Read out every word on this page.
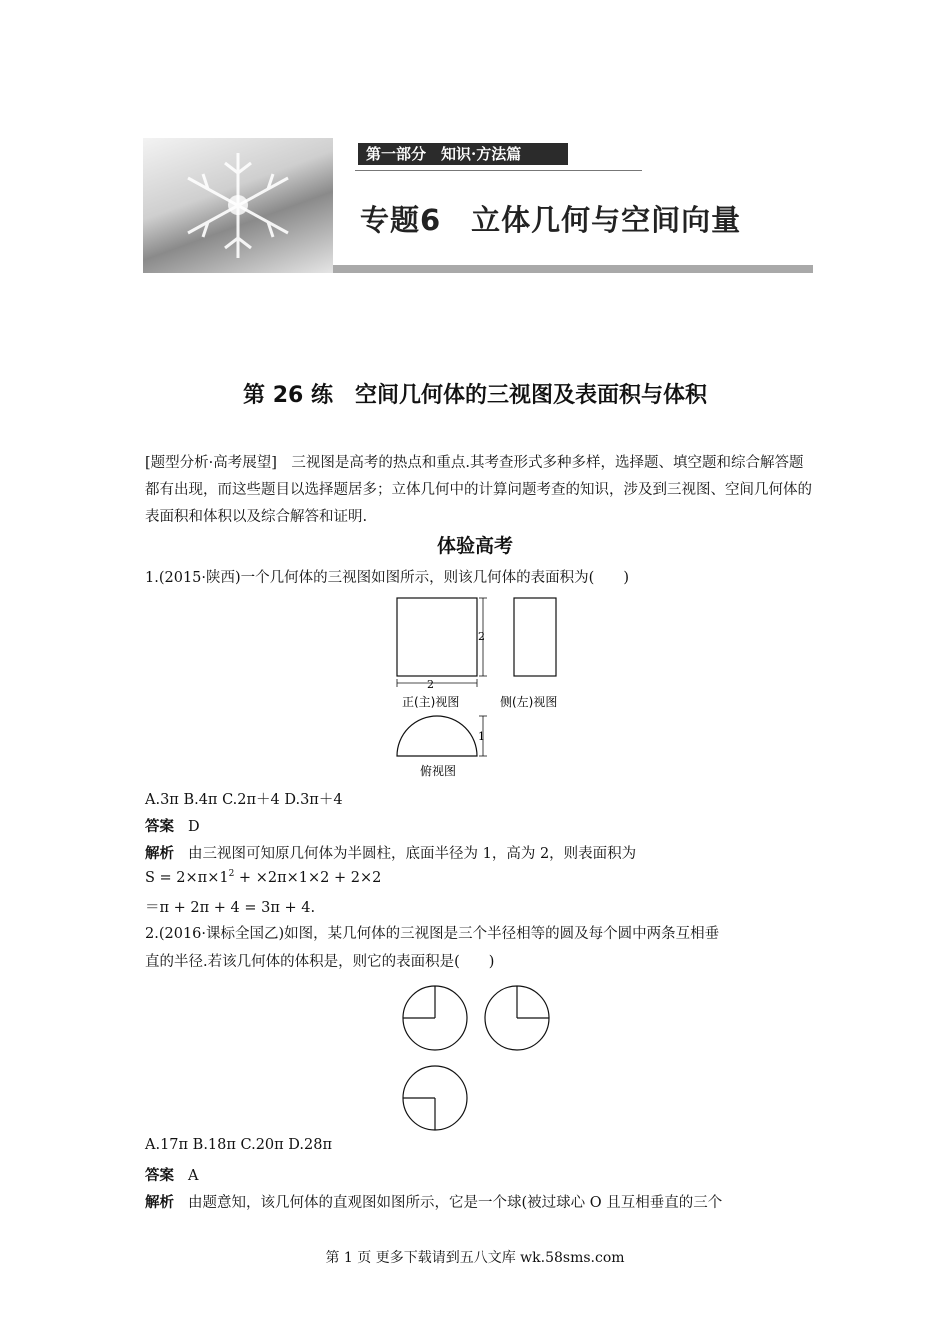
第一部分　知识·方法篇
专题6　立体几何与空间向量
第 26 练　空间几何体的三视图及表面积与体积
[题型分析·高考展望]　三视图是高考的热点和重点.其考查形式多种多样，选择题、填空题和综合解答题都有出现，而这些题目以选择题居多；立体几何中的计算问题考查的知识，涉及到三视图、空间几何体的表面积和体积以及综合解答和证明.
体验高考
1.(2015·陕西)一个几何体的三视图如图所示，则该几何体的表面积为(　　)
2
2
正(主)视图	侧(左)视图
1
俯视图
A.3π B.4π C.2π＋4 D.3π＋4
答案 D
解析 由三视图可知原几何体为半圆柱，底面半径为 1，高为 2，则表面积为
$S = 2\times\pi\times 1^2 + \times 2\pi\times 1\times 2 + 2\times 2$
＝π + 2π + 4 = 3π + 4.
2.(2016·课标全国乙)如图，某几何体的三视图是三个半径相等的圆及每个圆中两条互相垂
直的半径.若该几何体的体积是，则它的表面积是(　　)
A.17π B.18π C.20π D.28π
答案 A
解析 由题意知，该几何体的直观图如图所示，它是一个球(被过球心 O 且互相垂直的三个
第 1 页 更多下载请到五八文库 wk.58sms.com
